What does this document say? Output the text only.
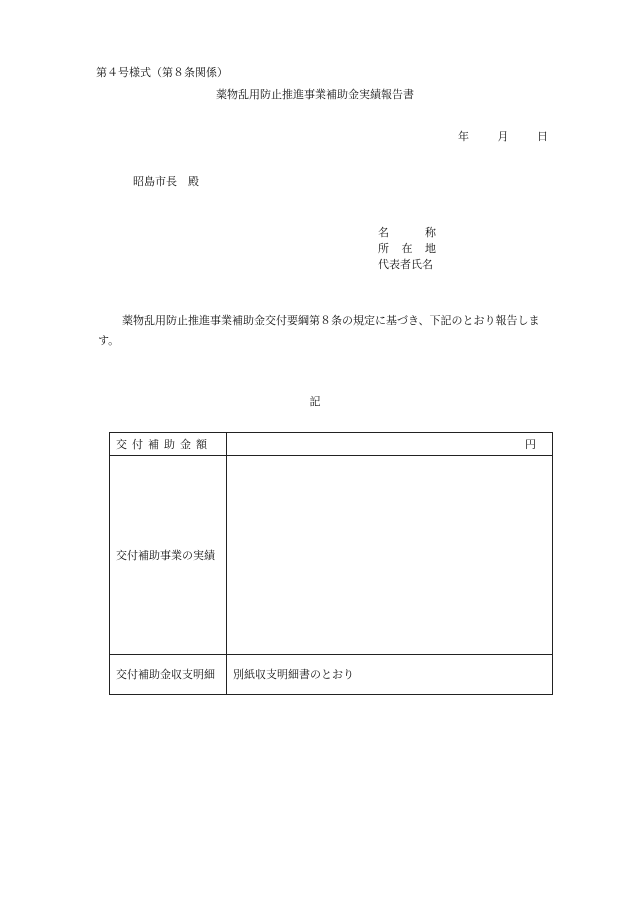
第４号様式（第８条関係）
薬物乱用防止推進事業補助金実績報告書
年	月	日
昭島市長 殿
名	称
所 在 地
代表者氏名
薬物乱用防止推進事業補助金交付要綱第８条の規定に基づき、下記のとおり報告しま
す。
記
交付補助金額	円

交付補助事業の実績	
交付補助金収支明細	別紙収支明細書のとおり
